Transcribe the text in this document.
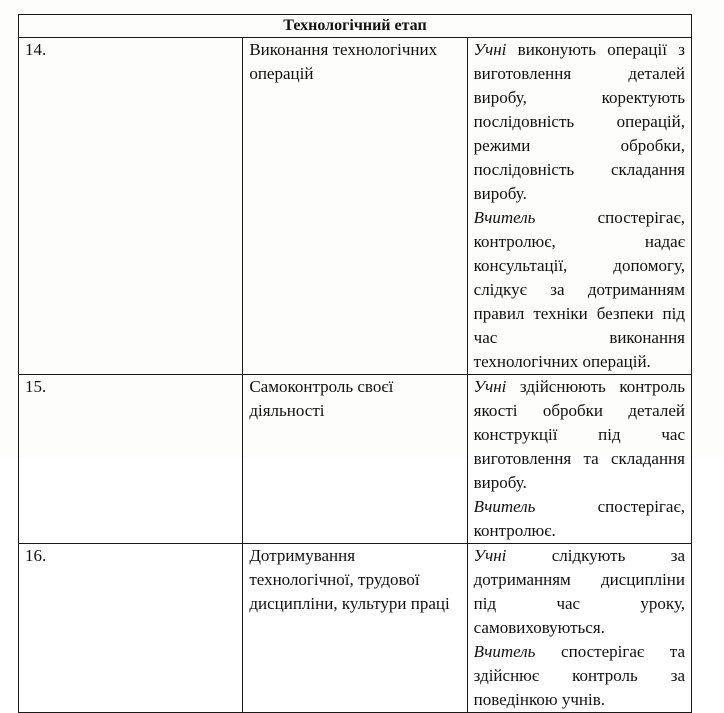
Технологічний етап		
14.	Виконання технологічних операцій	Учні виконують операції з виготовлення деталей виробу, коректують послідовність операцій, режими обробки, послідовність складання виробу.
Вчитель спостерігає, контролює, надає консультації, допомогу, слідкує за дотриманням правил техніки безпеки під час виконання технологічних операцій.

15.	Самоконтроль своєї діяльності	Учні здійснюють контроль якості обробки деталей конструкції під час виготовлення та складання виробу.
Вчитель спостерігає, контролює.

16.	Дотримування технологічної, трудової дисципліни, культури праці	Учні слідкують за дотриманням дисципліни під час уроку, самовиховуються.
Вчитель спостерігає та здійснює контроль за поведінкою учнів.
